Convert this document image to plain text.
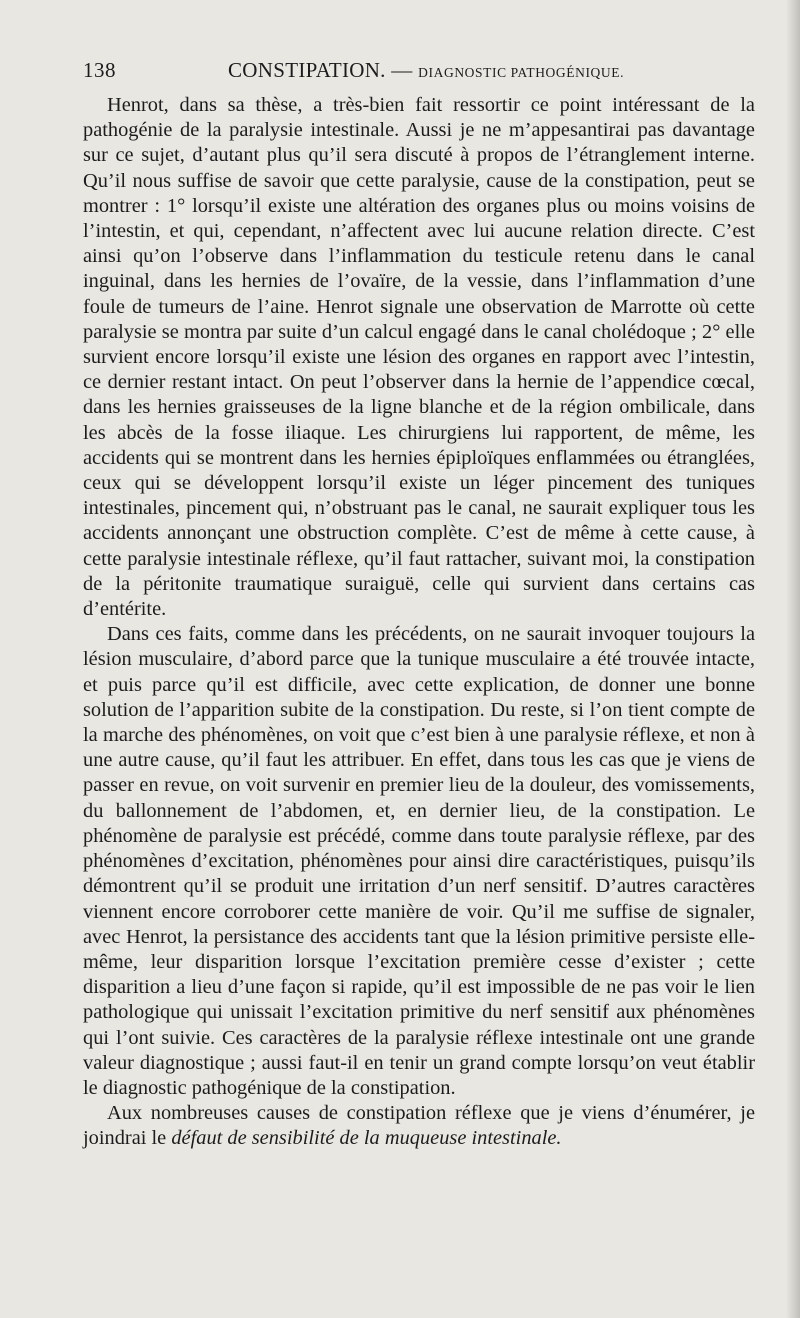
138	CONSTIPATION. — DIAGNOSTIC PATHOGÉNIQUE.

Henrot, dans sa thèse, a très-bien fait ressortir ce point intéressant de la pathogénie de la paralysie intestinale. Aussi je ne m’appesantirai pas davantage sur ce sujet, d’autant plus qu’il sera discuté à propos de l’étranglement interne. Qu’il nous suffise de savoir que cette paralysie, cause de la constipation, peut se montrer : 1° lorsqu’il existe une altération des organes plus ou moins voisins de l’intestin, et qui, cependant, n’affectent avec lui aucune relation directe. C’est ainsi qu’on l’observe dans l’inflammation du testicule retenu dans le canal inguinal, dans les hernies de l’ovaïre, de la vessie, dans l’inflammation d’une foule de tumeurs de l’aine. Henrot signale une observation de Marrotte où cette paralysie se montra par suite d’un calcul engagé dans le canal cholédoque ; 2° elle survient encore lorsqu’il existe une lésion des organes en rapport avec l’intestin, ce dernier restant intact. On peut l’observer dans la hernie de l’appendice cœcal, dans les hernies graisseuses de la ligne blanche et de la région ombilicale, dans les abcès de la fosse iliaque. Les chirurgiens lui rapportent, de même, les accidents qui se montrent dans les hernies épiploïques enflammées ou étranglées, ceux qui se développent lorsqu’il existe un léger pincement des tuniques intestinales, pincement qui, n’obstruant pas le canal, ne saurait expliquer tous les accidents annonçant une obstruction complète. C’est de même à cette cause, à cette paralysie intestinale réflexe, qu’il faut rattacher, suivant moi, la constipation de la péritonite traumatique suraiguë, celle qui survient dans certains cas d’entérite.

Dans ces faits, comme dans les précédents, on ne saurait invoquer toujours la lésion musculaire, d’abord parce que la tunique musculaire a été trouvée intacte, et puis parce qu’il est difficile, avec cette explication, de donner une bonne solution de l’apparition subite de la constipation. Du reste, si l’on tient compte de la marche des phénomènes, on voit que c’est bien à une paralysie réflexe, et non à une autre cause, qu’il faut les attribuer. En effet, dans tous les cas que je viens de passer en revue, on voit survenir en premier lieu de la douleur, des vomissements, du ballonnement de l’abdomen, et, en dernier lieu, de la constipation. Le phénomène de paralysie est précédé, comme dans toute paralysie réflexe, par des phénomènes d’excitation, phénomènes pour ainsi dire caractéristiques, puisqu’ils démontrent qu’il se produit une irritation d’un nerf sensitif. D’autres caractères viennent encore corroborer cette manière de voir. Qu’il me suffise de signaler, avec Henrot, la persistance des accidents tant que la lésion primitive persiste elle-même, leur disparition lorsque l’excitation première cesse d’exister ; cette disparition a lieu d’une façon si rapide, qu’il est impossible de ne pas voir le lien pathologique qui unissait l’excitation primitive du nerf sensitif aux phénomènes qui l’ont suivie. Ces caractères de la paralysie réflexe intestinale ont une grande valeur diagnostique ; aussi faut-il en tenir un grand compte lorsqu’on veut établir le diagnostic pathogénique de la constipation.

Aux nombreuses causes de constipation réflexe que je viens d’énumérer, je joindrai le défaut de sensibilité de la muqueuse intestinale.
